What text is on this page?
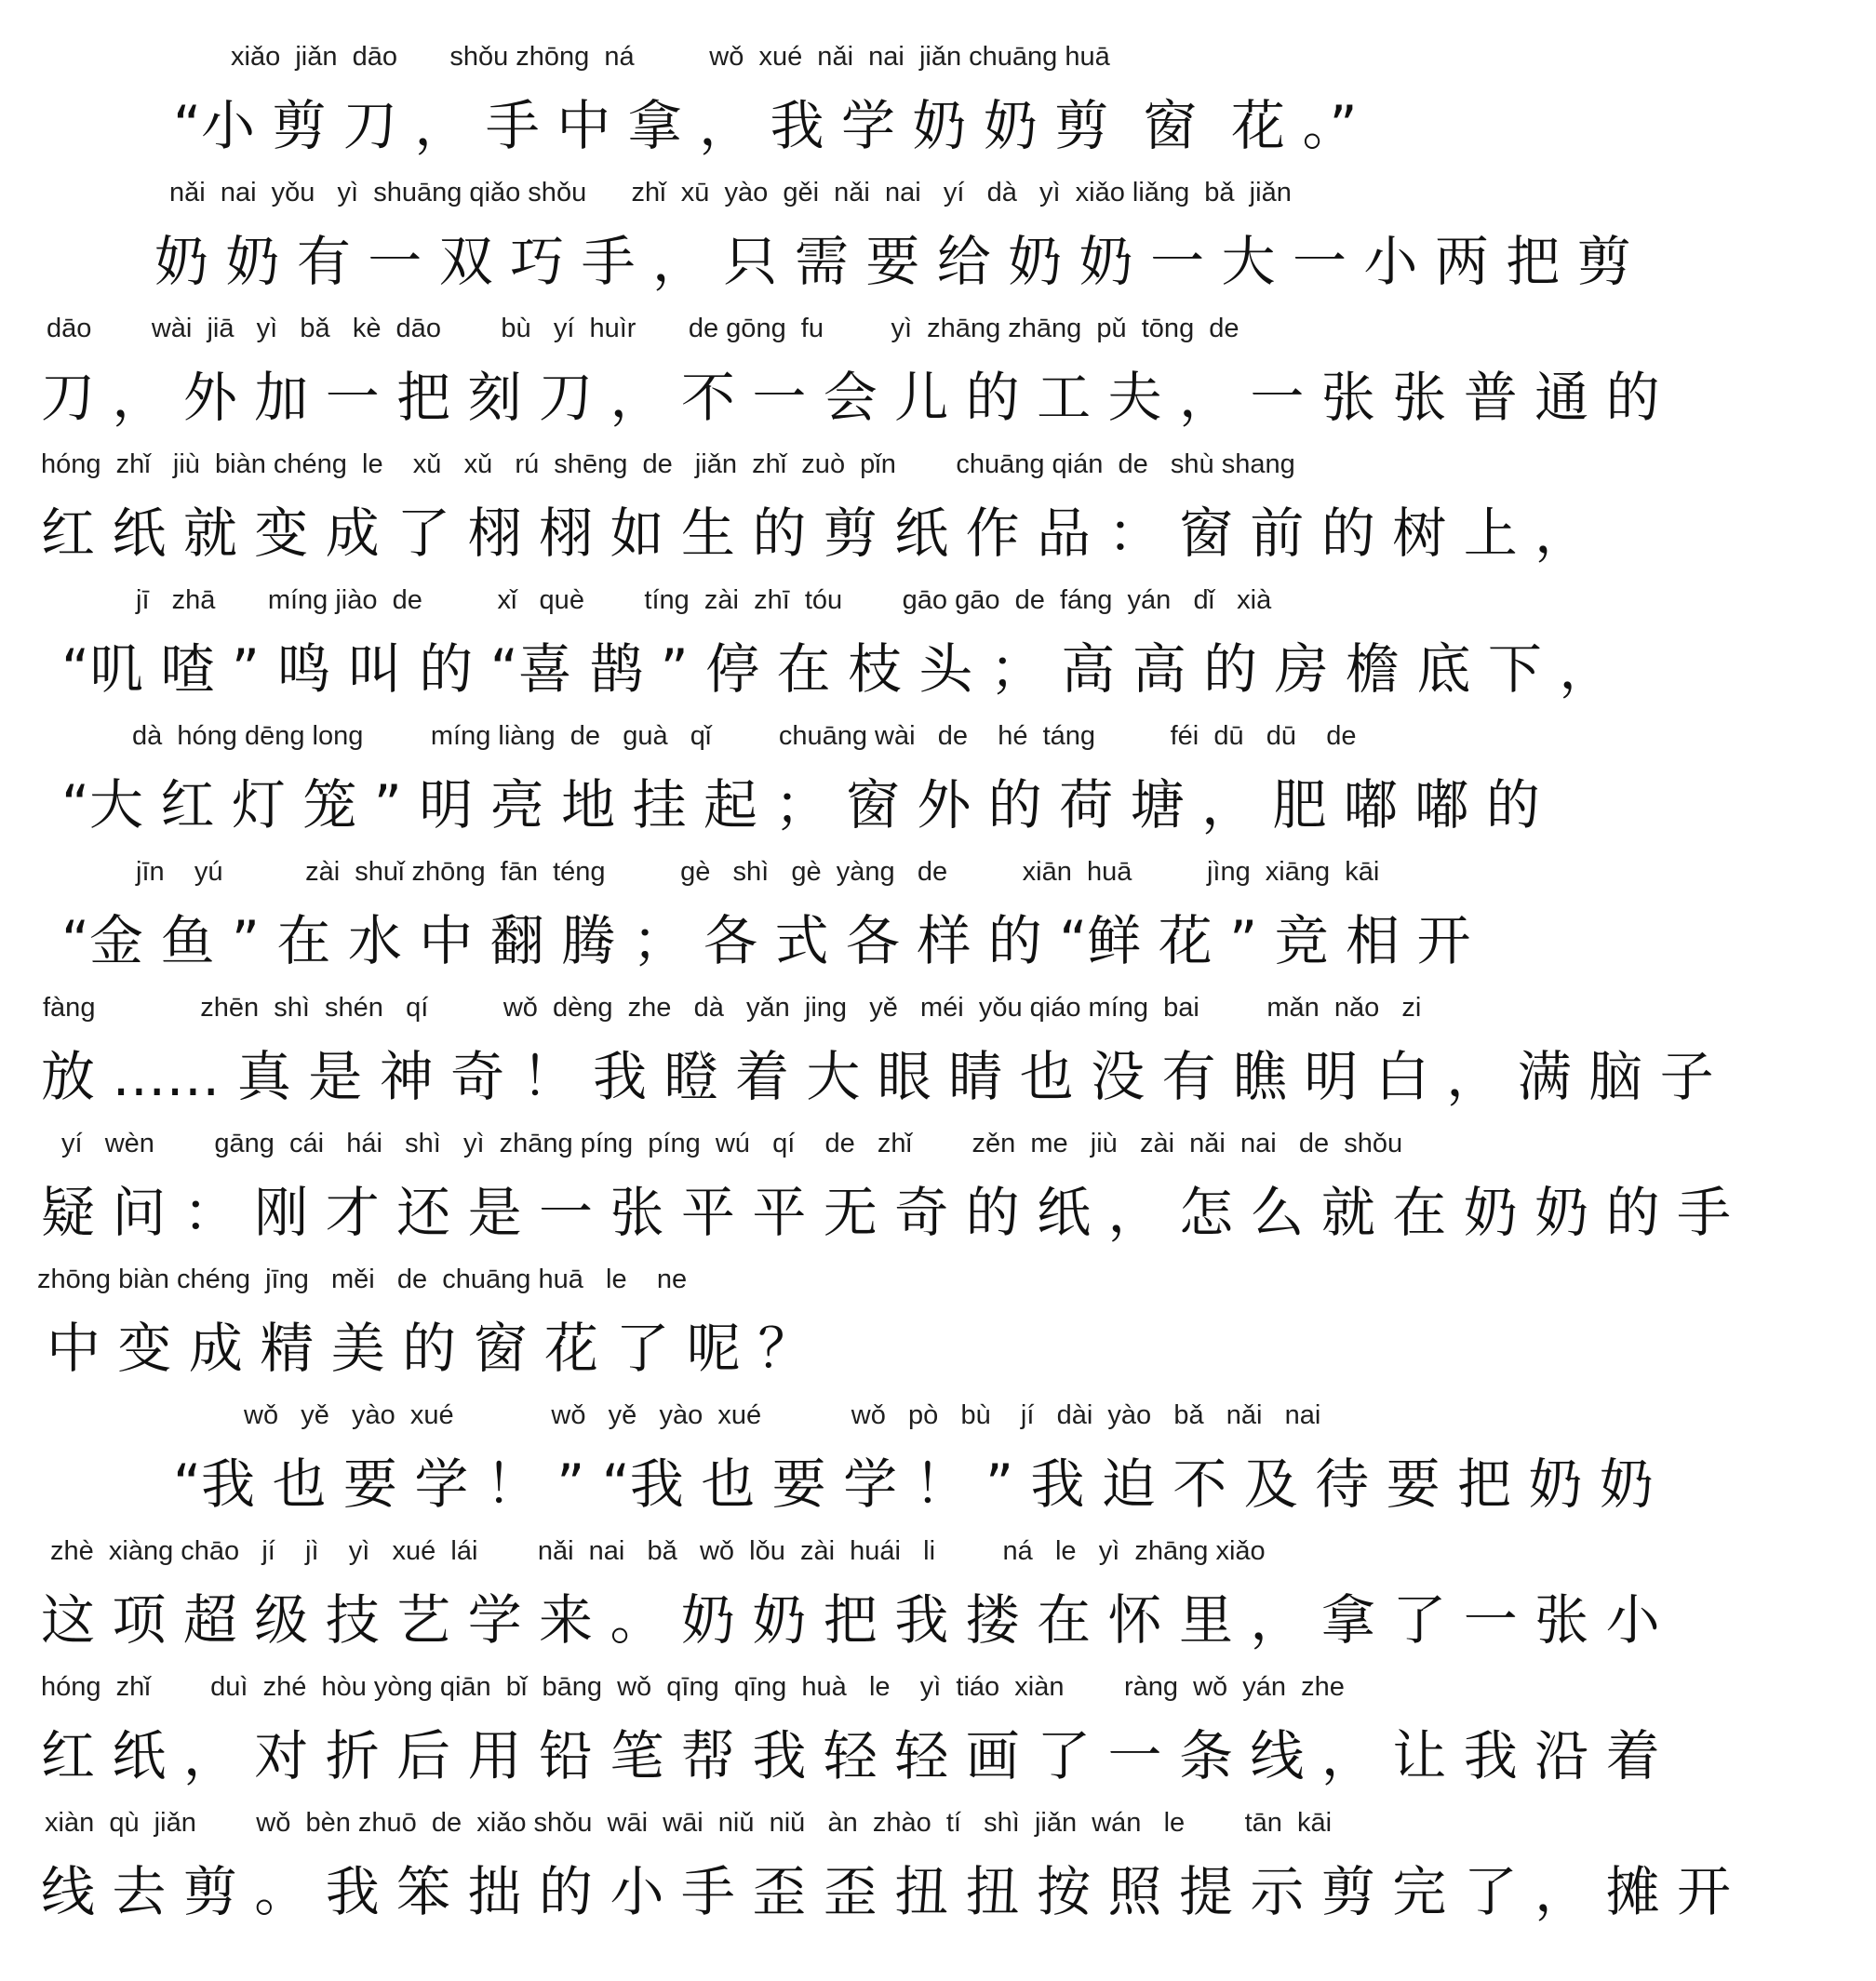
xiǎo  jiǎn  dāo       shǒu zhōng  ná          wǒ  xué  nǎi  nai  jiǎn chuāng huā
“小 剪 刀 ， 手 中 拿 ， 我 学 奶 奶 剪  窗  花 。”
nǎi  nai  yǒu   yì  shuāng qiǎo shǒu      zhǐ  xū  yào  gěi  nǎi  nai   yí   dà   yì  xiǎo liǎng  bǎ  jiǎn
奶 奶 有 一 双 巧 手 ， 只 需 要 给 奶 奶 一 大 一 小 两 把 剪
dāo        wài  jiā   yì   bǎ   kè  dāo        bù   yí  huìr       de gōng  fu         yì  zhāng zhāng  pǔ  tōng  de
刀 ， 外 加 一 把 刻 刀 ， 不 一 会 儿 的 工 夫 ， 一 张 张 普 通 的
hóng  zhǐ   jiù  biàn chéng  le    xǔ   xǔ   rú  shēng  de   jiǎn  zhǐ  zuò  pǐn        chuāng qián  de   shù shang
红 纸 就 变 成 了 栩 栩 如 生 的 剪 纸 作 品 ： 窗 前 的 树 上 ，
jī   zhā       míng jiào  de          xǐ   què        tíng  zài  zhī  tóu        gāo gāo  de  fáng  yán   dǐ   xià
“叽 喳 ” 鸣 叫 的 “喜 鹊 ” 停 在 枝 头 ； 高 高 的 房 檐 底 下 ，
dà  hóng dēng long         míng liàng  de   guà   qǐ         chuāng wài   de    hé  táng          féi  dū   dū    de
“大 红 灯 笼 ” 明 亮 地 挂 起 ； 窗 外 的 荷 塘 ， 肥 嘟 嘟 的
jīn    yú           zài  shuǐ zhōng  fān  téng          gè   shì   gè  yàng   de          xiān  huā          jìng  xiāng  kāi
“金 鱼 ” 在 水 中 翻 腾 ； 各 式 各 样 的 “鲜 花 ” 竞 相 开
fàng              zhēn  shì  shén   qí          wǒ  dèng  zhe   dà   yǎn  jing   yě   méi  yǒu qiáo míng  bai         mǎn  nǎo   zi
放 …… 真 是 神 奇 ！ 我 瞪 着 大 眼 睛 也 没 有 瞧 明 白 ， 满 脑 子
yí   wèn        gāng  cái   hái   shì   yì  zhāng píng  píng  wú   qí    de   zhǐ        zěn  me   jiù   zài  nǎi  nai   de  shǒu
疑 问 ： 刚 才 还 是 一 张 平 平 无 奇 的 纸 ， 怎 么 就 在 奶 奶 的 手
zhōng biàn chéng  jīng   měi   de  chuāng huā   le    ne
中 变 成 精 美 的 窗 花 了 呢 ？
wǒ   yě   yào  xué             wǒ   yě   yào  xué            wǒ   pò   bù    jí   dài  yào   bǎ   nǎi   nai
“我 也 要 学 ！ ” “我 也 要 学 ！ ” 我 迫 不 及 待 要 把 奶 奶
zhè  xiàng chāo   jí    jì    yì   xué  lái        nǎi  nai   bǎ   wǒ  lǒu  zài  huái   li         ná   le   yì  zhāng xiǎo
这 项 超 级 技 艺 学 来 。 奶 奶 把 我 搂 在 怀 里 ， 拿 了 一 张 小
hóng  zhǐ        duì  zhé  hòu yòng qiān  bǐ  bāng  wǒ  qīng  qīng  huà   le    yì  tiáo  xiàn        ràng  wǒ  yán  zhe
红 纸 ， 对 折 后 用 铅 笔 帮 我 轻 轻 画 了 一 条 线 ， 让 我 沿 着
xiàn  qù  jiǎn        wǒ  bèn zhuō  de  xiǎo shǒu  wāi  wāi  niǔ  niǔ   àn  zhào  tí   shì  jiǎn  wán   le        tān  kāi
线 去 剪 。 我 笨 拙 的 小 手 歪 歪 扭 扭 按 照 提 示 剪 完 了 ， 摊 开
